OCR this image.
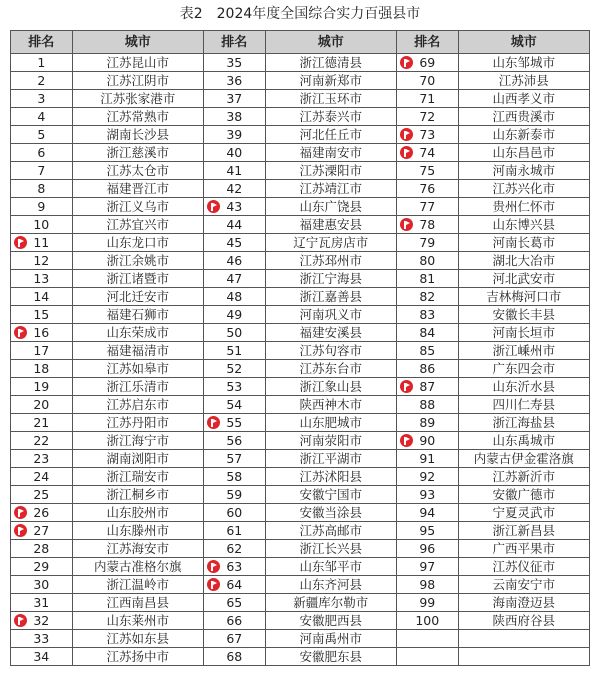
表2　2024年度全国综合实力百强县市
排名	城市	排名	城市	排名	城市
1	江苏昆山市	35	浙江德清县	69	山东邹城市
2	江苏江阴市	36	河南新郑市	70	江苏沛县
3	江苏张家港市	37	浙江玉环市	71	山西孝义市
4	江苏常熟市	38	江苏泰兴市	72	江西贵溪市
5	湖南长沙县	39	河北任丘市	73	山东新泰市
6	浙江慈溪市	40	福建南安市	74	山东昌邑市
7	江苏太仓市	41	江苏溧阳市	75	河南永城市
8	福建晋江市	42	江苏靖江市	76	江苏兴化市
9	浙江义乌市	43	山东广饶县	77	贵州仁怀市
10	江苏宜兴市	44	福建惠安县	78	山东博兴县

11	山东龙口市	45	辽宁瓦房店市	79	河南长葛市
12	浙江余姚市	46	江苏邳州市	80	湖北大冶市
13	浙江诸暨市	47	浙江宁海县	81	河北武安市
14	河北迁安市	48	浙江嘉善县	82	吉林梅河口市
15	福建石狮市	49	河南巩义市	83	安徽长丰县

16	山东荣成市	50	福建安溪县	84	河南长垣市
17	福建福清市	51	江苏句容市	85	浙江嵊州市
18	江苏如皋市	52	江苏东台市	86	广东四会市
19	浙江乐清市	53	浙江象山县	87	山东沂水县
20	江苏启东市	54	陕西神木市	88	四川仁寿县
21	江苏丹阳市	55	山东肥城市	89	浙江海盐县
22	浙江海宁市	56	河南荥阳市	90	山东禹城市
23	湖南浏阳市	57	浙江平湖市	91	内蒙古伊金霍洛旗
24	浙江瑞安市	58	江苏沭阳县	92	江苏新沂市
25	浙江桐乡市	59	安徽宁国市	93	安徽广德市

26	山东胶州市	60	安徽当涂县	94	宁夏灵武市

27	山东滕州市	61	江苏高邮市	95	浙江新昌县
28	江苏海安市	62	浙江长兴县	96	广西平果市
29	内蒙古准格尔旗	63	山东邹平市	97	江苏仪征市
30	浙江温岭市	64	山东齐河县	98	云南安宁市
31	江西南昌县	65	新疆库尔勒市	99	海南澄迈县

32	山东莱州市	66	安徽肥西县	100	陕西府谷县
33	江苏如东县	67	河南禹州市		
34	江苏扬中市	68	安徽肥东县		
